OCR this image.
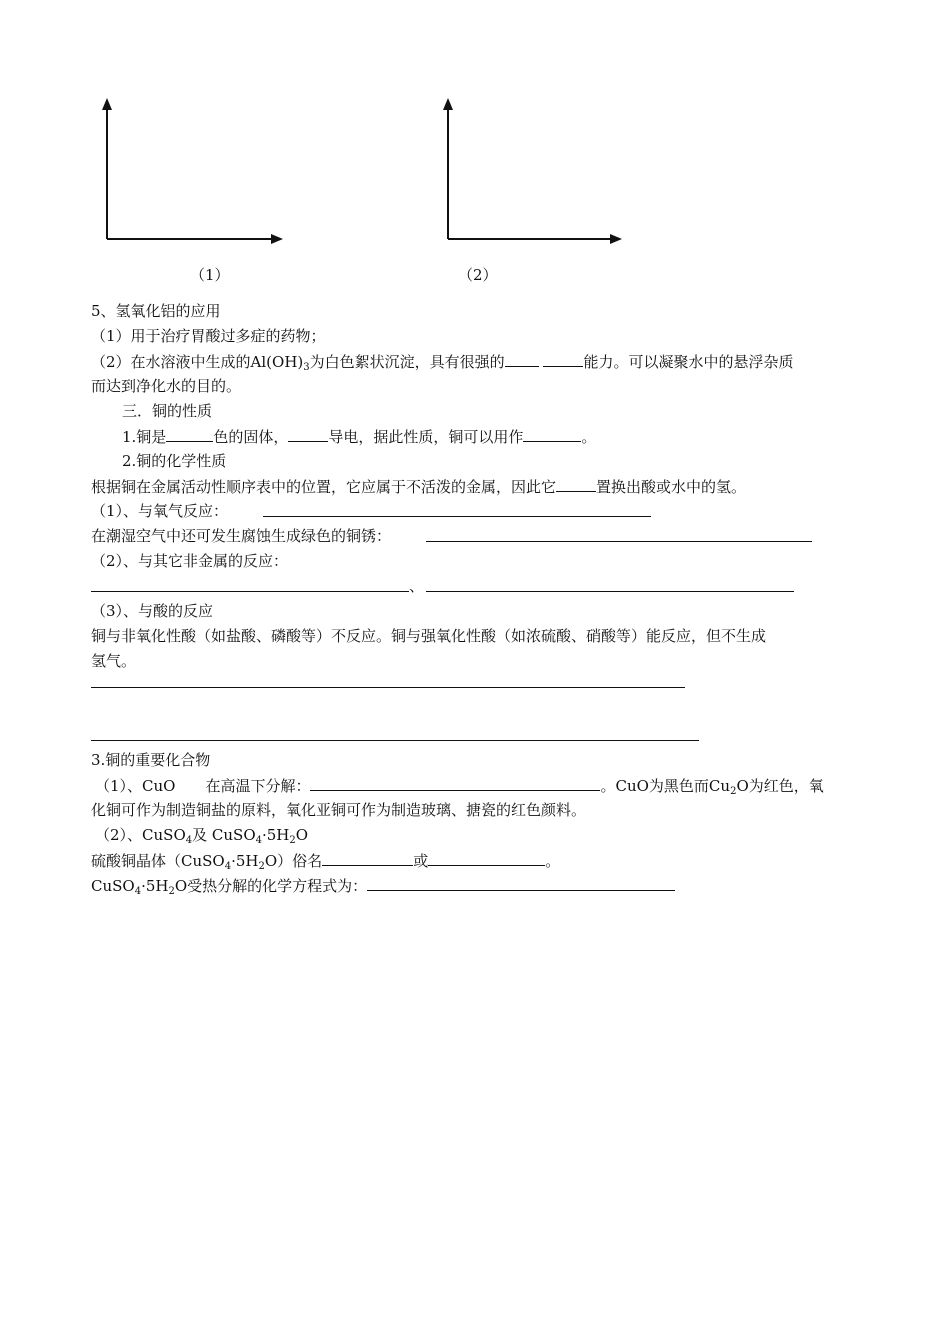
（1）	（2）
5、氢氧化铝的应用
（1）用于治疗胃酸过多症的药物；
（2）在水溶液中生成的$Al(OH)_3$为白色絮状沉淀，具有很强的	能力。可以凝聚水中的悬浮杂质
而达到净化水的目的。
三．铜的性质
1.铜是	色的固体，	导电，据此性质，铜可以用作	。
2.铜的化学性质
根据铜在金属活动性顺序表中的位置，它应属于不活泼的金属，因此它	置换出酸或水中的氢。
（1）、与氧气反应：
在潮湿空气中还可发生腐蚀生成绿色的铜锈：
（2）、与其它非金属的反应：
、
（3）、与酸的反应
铜与非氧化性酸（如盐酸、磷酸等）不反应。铜与强氧化性酸（如浓硫酸、硝酸等）能反应，但不生成
氢气。
3.铜的重要化合物
（1）、CuO　　在高温下分解：	。CuO为黑色而$Cu_2O$为红色，氧
化铜可作为制造铜盐的原料，氧化亚铜可作为制造玻璃、搪瓷的红色颜料。
（2）、CuSO$_4$及 $CuSO_4\cdot 5H_2O$
硫酸铜晶体$(CuSO_4\cdot 5H_2O)$俗名	或	。
$CuSO_4\cdot 5H_2O$受热分解的化学方程式为：
